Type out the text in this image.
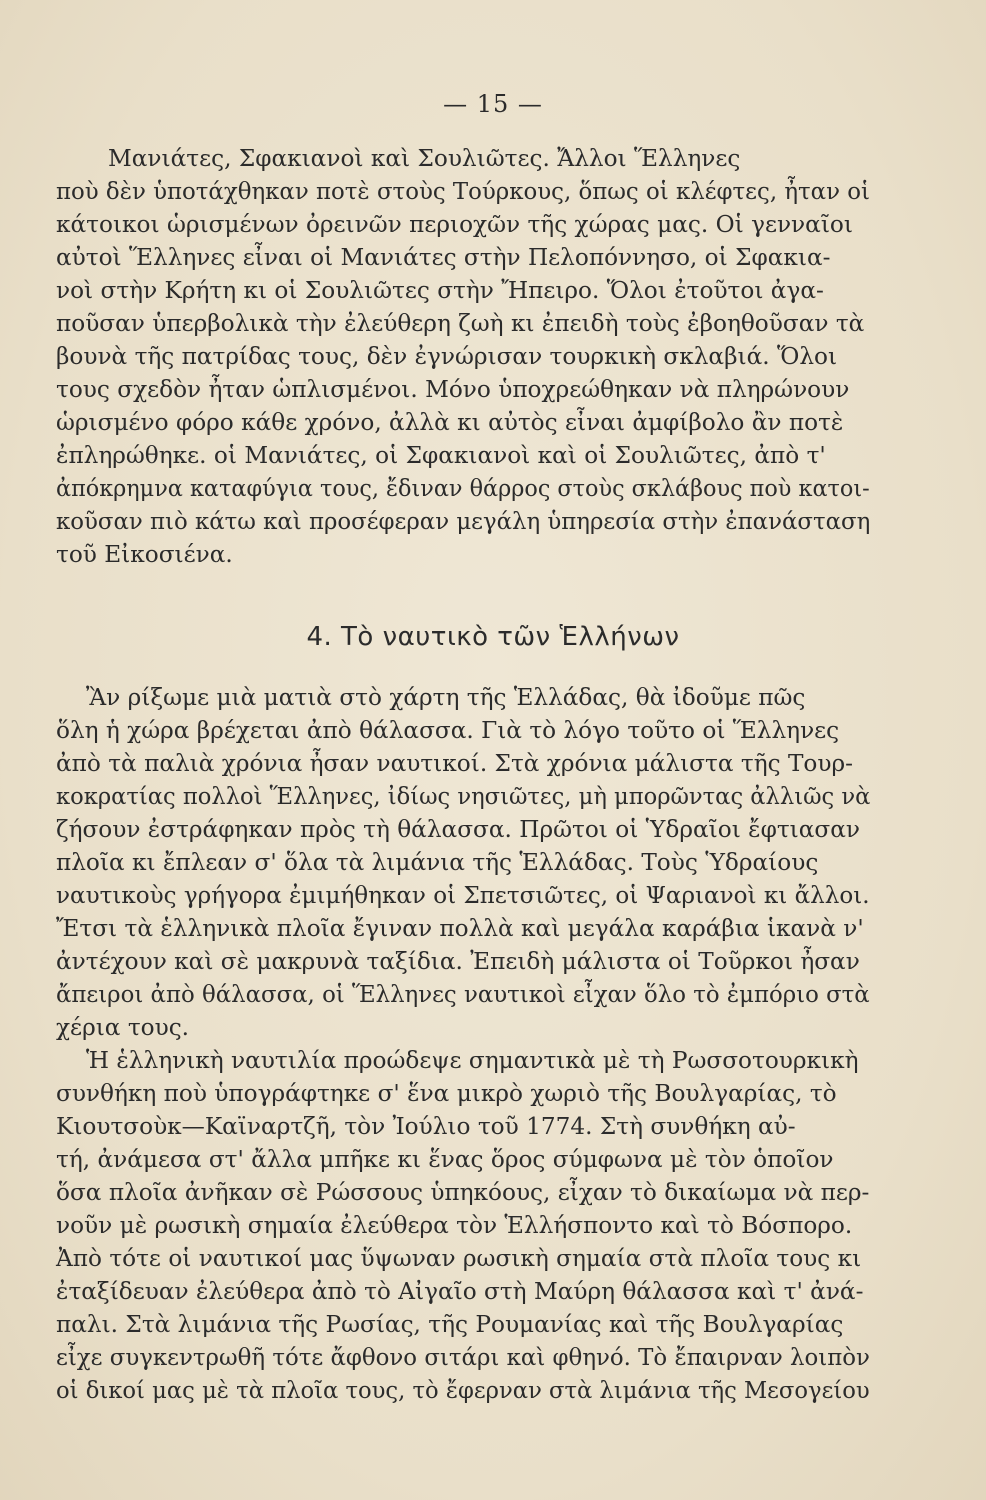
— 15 —
Μανιάτες, Σφακιανοὶ καὶ Σουλιῶτες. Ἄλλοι Ἕλληνες
ποὺ δὲν ὑποτάχθηκαν ποτὲ στοὺς Τούρκους, ὅπως οἱ κλέφτες, ἦταν οἱ
κάτοικοι ὡρισμένων ὀρεινῶν περιοχῶν τῆς χώρας μας. Οἱ γενναῖοι
αὐτοὶ Ἕλληνες εἶναι οἱ Μανιάτες στὴν Πελοπόννησο, οἱ Σφακια-
νοὶ στὴν Κρήτη κι οἱ Σουλιῶτες στὴν Ἤπειρο. Ὅλοι ἐτοῦτοι ἀγα-
ποῦσαν ὑπερβολικὰ τὴν ἐλεύθερη ζωὴ κι ἐπειδὴ τοὺς ἐβοηθοῦσαν τὰ
βουνὰ τῆς πατρίδας τους, δὲν ἐγνώρισαν τουρκικὴ σκλαβιά. Ὅλοι
τους σχεδὸν ἦταν ὡπλισμένοι. Μόνο ὑποχρεώθηκαν νὰ πληρώνουν
ὡρισμένο φόρο κάθε χρόνο, ἀλλὰ κι αὐτὸς εἶναι ἀμφίβολο ἂν ποτὲ
ἐπληρώθηκε. οἱ Μανιάτες, οἱ Σφακιανοὶ καὶ οἱ Σουλιῶτες, ἀπὸ τ'
ἀπόκρημνα καταφύγια τους, ἔδιναν θάρρος στοὺς σκλάβους ποὺ κατοι-
κοῦσαν πιὸ κάτω καὶ προσέφεραν μεγάλη ὑπηρεσία στὴν ἐπανάσταση
τοῦ Εἰκοσιένα.
4. Τὸ ναυτικὸ τῶν Ἑλλήνων
Ἂν ρίξωμε μιὰ ματιὰ στὸ χάρτη τῆς Ἑλλάδας, θὰ ἰδοῦμε πῶς
ὅλη ἡ χώρα βρέχεται ἀπὸ θάλασσα. Γιὰ τὸ λόγο τοῦτο οἱ Ἕλληνες
ἀπὸ τὰ παλιὰ χρόνια ἦσαν ναυτικοί. Στὰ χρόνια μάλιστα τῆς Τουρ-
κοκρατίας πολλοὶ Ἕλληνες, ἰδίως νησιῶτες, μὴ μπορῶντας ἀλλιῶς νὰ
ζήσουν ἐστράφηκαν πρὸς τὴ θάλασσα. Πρῶτοι οἱ Ὑδραῖοι ἔφτιασαν
πλοῖα κι ἔπλεαν σ' ὅλα τὰ λιμάνια τῆς Ἑλλάδας. Τοὺς Ὑδραίους
ναυτικοὺς γρήγορα ἐμιμήθηκαν οἱ Σπετσιῶτες, οἱ Ψαριανοὶ κι ἄλλοι.
Ἔτσι τὰ ἑλληνικὰ πλοῖα ἔγιναν πολλὰ καὶ μεγάλα καράβια ἱκανὰ ν'
ἀντέχουν καὶ σὲ μακρυνὰ ταξίδια. Ἐπειδὴ μάλιστα οἱ Τοῦρκοι ἦσαν
ἄπειροι ἀπὸ θάλασσα, οἱ Ἕλληνες ναυτικοὶ εἶχαν ὅλο τὸ ἐμπόριο στὰ
χέρια τους.
Ἡ ἑλληνικὴ ναυτιλία προώδεψε σημαντικὰ μὲ τὴ Ρωσσοτουρκικὴ
συνθήκη ποὺ ὑπογράφτηκε σ' ἕνα μικρὸ χωριὸ τῆς Βουλγαρίας, τὸ
Κιουτσοὺκ—Καϊναρτζῆ, τὸν Ἰούλιο τοῦ 1774. Στὴ συνθήκη αὐ-
τή, ἀνάμεσα στ' ἄλλα μπῆκε κι ἕνας ὅρος σύμφωνα μὲ τὸν ὁποῖον
ὅσα πλοῖα ἀνῆκαν σὲ Ρώσσους ὑπηκόους, εἶχαν τὸ δικαίωμα νὰ περ-
νοῦν μὲ ρωσικὴ σημαία ἐλεύθερα τὸν Ἑλλήσποντο καὶ τὸ Βόσπορο.
Ἀπὸ τότε οἱ ναυτικοί μας ὕψωναν ρωσικὴ σημαία στὰ πλοῖα τους κι
ἐταξίδευαν ἐλεύθερα ἀπὸ τὸ Αἰγαῖο στὴ Μαύρη θάλασσα καὶ τ' ἀνά-
παλι. Στὰ λιμάνια τῆς Ρωσίας, τῆς Ρουμανίας καὶ τῆς Βουλγαρίας
εἶχε συγκεντρωθῆ τότε ἄφθονο σιτάρι καὶ φθηνό. Τὸ ἔπαιρναν λοιπὸν
οἱ δικοί μας μὲ τὰ πλοῖα τους, τὸ ἔφερναν στὰ λιμάνια τῆς Μεσογείου
